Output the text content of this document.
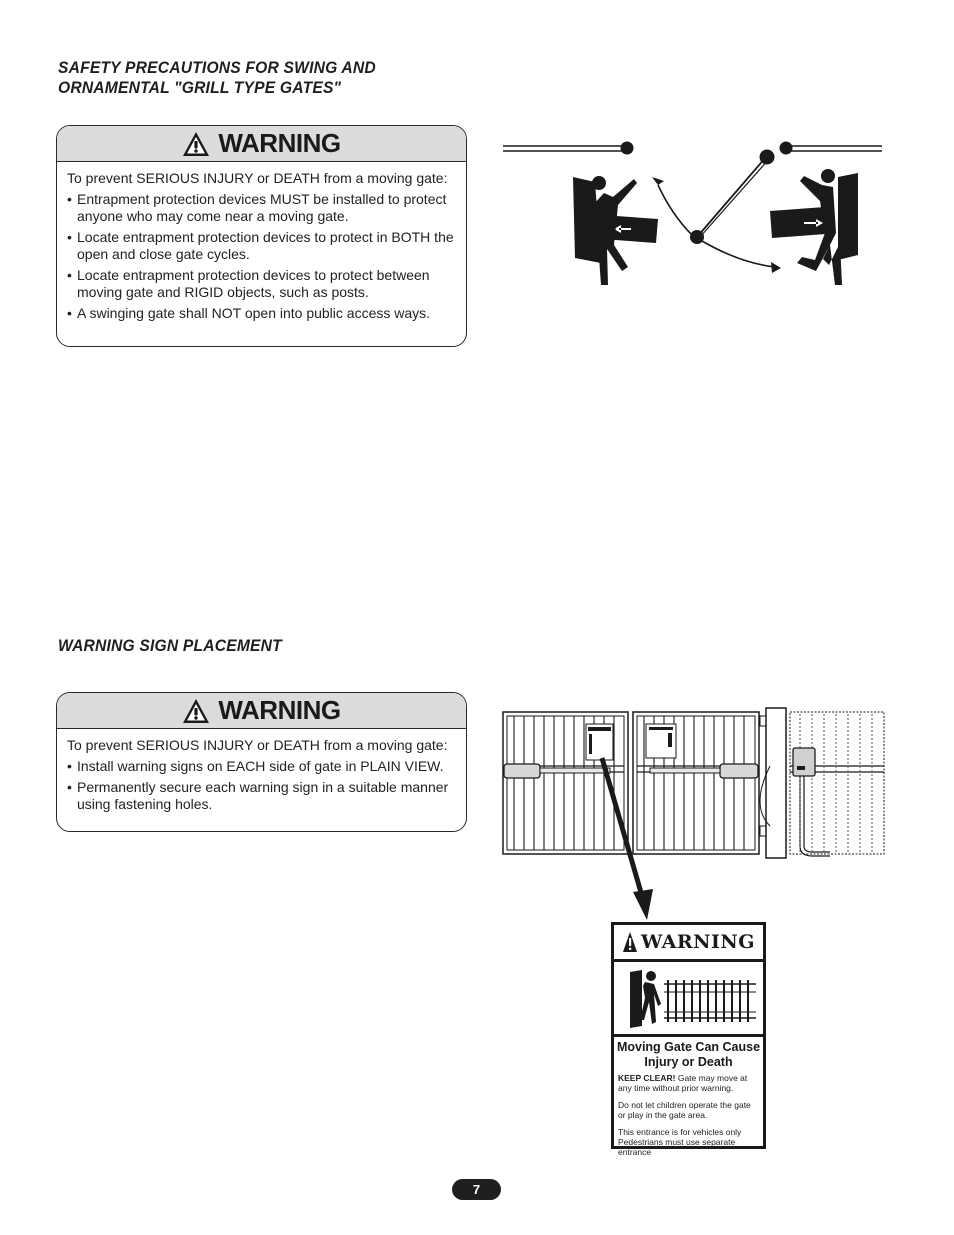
SAFETY PRECAUTIONS FOR SWING AND
ORNAMENTAL "GRILL TYPE GATES"
WARNING

To prevent SERIOUS INJURY or DEATH from a moving gate:

• Entrapment protection devices MUST be installed to protect anyone who may come near a moving gate.
• Locate entrapment protection devices to protect in BOTH the open and close gate cycles.
• Locate entrapment protection devices to protect between moving gate and RIGID objects, such as posts.
• A swinging gate shall NOT open into public access ways.
WARNING SIGN PLACEMENT
WARNING

To prevent SERIOUS INJURY or DEATH from a moving gate:

• Install warning signs on EACH side of gate in PLAIN VIEW.
• Permanently secure each warning sign in a suitable manner using fastening holes.
WARNING
Moving Gate Can Cause
Injury or Death

KEEP CLEAR! Gate may move at any time without prior warning.

Do not let children operate the gate or play in the gate area.

This entrance is for vehicles only
Pedestrians must use separate entrance

7
